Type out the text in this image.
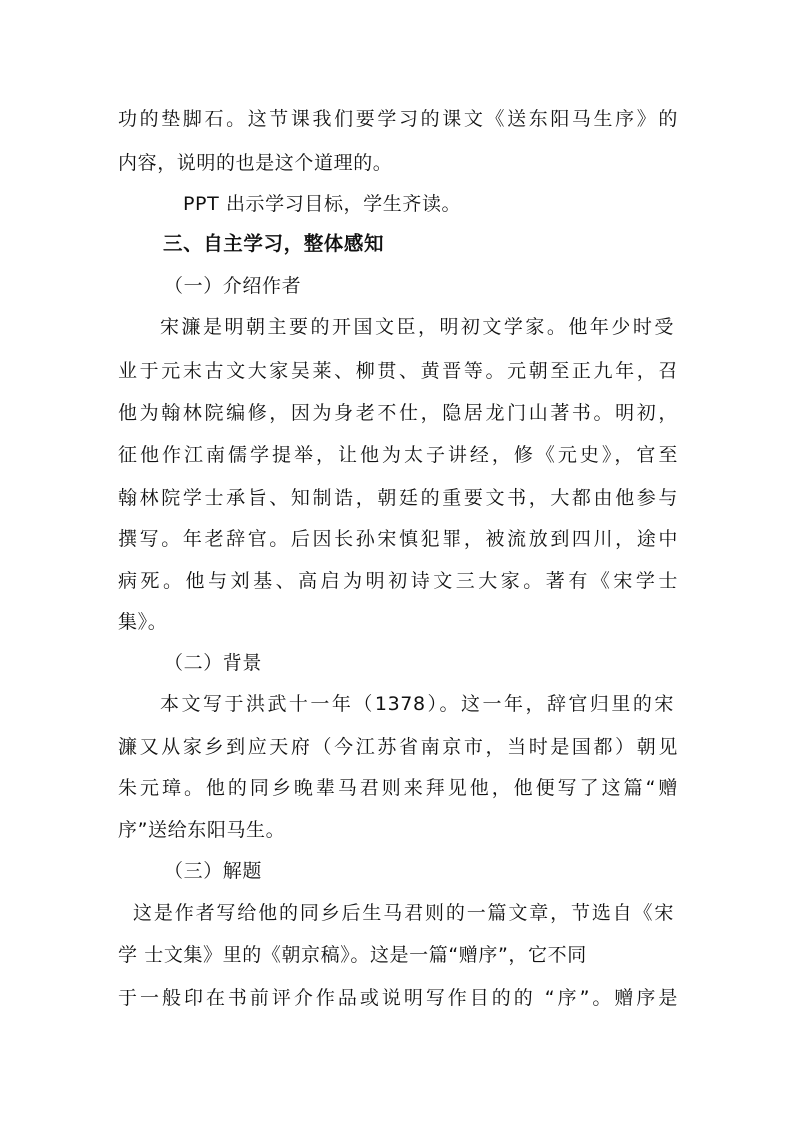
功的垫脚石。这节课我们要学习的课文《送东阳马生序》的
内容，说明的也是这个道理的。
PPT 出示学习目标，学生齐读。
三、自主学习，整体感知
（一）介绍作者
宋濂是明朝主要的开国文臣，明初文学家。他年少时受
业于元末古文大家吴莱、柳贯、黄晋等。元朝至正九年，召
他为翰林院编修，因为身老不仕，隐居龙门山著书。明初，
征他作江南儒学提举，让他为太子讲经，修《元史》，官至
翰林院学士承旨、知制诰，朝廷的重要文书，大都由他参与
撰写。年老辞官。后因长孙宋慎犯罪，被流放到四川，途中
病死。他与刘基、高启为明初诗文三大家。著有《宋学士
集》。
（二）背景
本文写于洪武十一年（1378）。这一年，辞官归里的宋
濂又从家乡到应天府（今江苏省南京市，当时是国都）朝见
朱元璋。他的同乡晚辈马君则来拜见他，他便写了这篇“赠
序”送给东阳马生。
（三）解题
这是作者写给他的同乡后生马君则的一篇文章，节选自《宋
学 士文集》里的《朝京稿》。这是一篇“赠序”，它不同
于一般印在书前评介作品或说明写作目的的 “序”。赠序是
